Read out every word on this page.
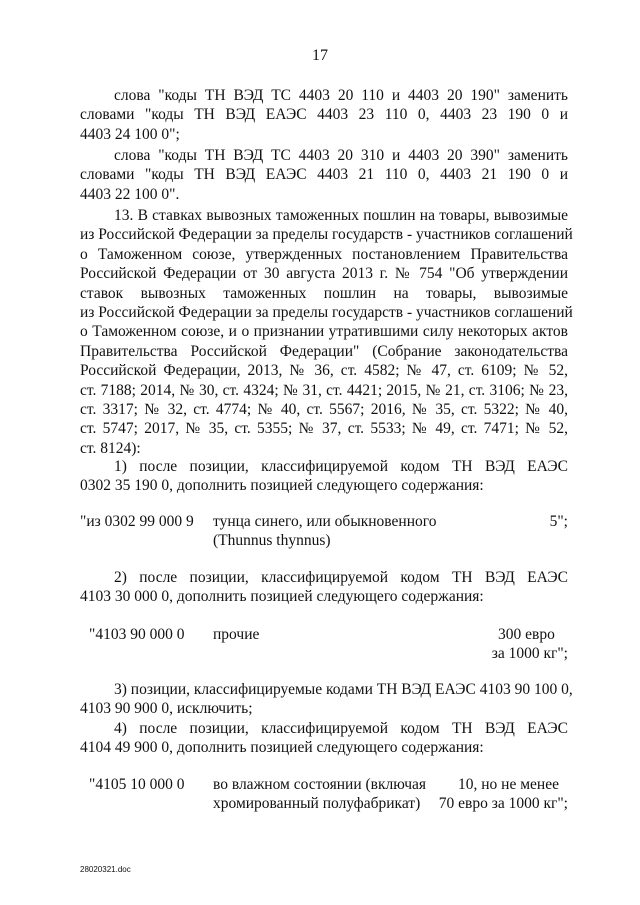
17
слова "коды ТН ВЭД ТС 4403 20 110 и 4403 20 190" заменить
словами "коды ТН ВЭД ЕАЭС 4403 23 110 0, 4403 23 190 0 и
4403 24 100 0";
слова "коды ТН ВЭД ТС 4403 20 310 и 4403 20 390" заменить
словами "коды ТН ВЭД ЕАЭС 4403 21 110 0, 4403 21 190 0 и
4403 22 100 0".
13. В ставках вывозных таможенных пошлин на товары, вывозимые
из Российской Федерации за пределы государств - участников соглашений
о Таможенном союзе, утвержденных постановлением Правительства
Российской Федерации от 30 августа 2013 г. № 754 "Об утверждении
ставок вывозных таможенных пошлин на товары, вывозимые
из Российской Федерации за пределы государств - участников соглашений
о Таможенном союзе, и о признании утратившими силу некоторых актов
Правительства Российской Федерации" (Собрание законодательства
Российской Федерации, 2013, № 36, ст. 4582; № 47, ст. 6109; № 52,
ст. 7188; 2014, № 30, ст. 4324; № 31, ст. 4421; 2015, № 21, ст. 3106; № 23,
ст. 3317; № 32, ст. 4774; № 40, ст. 5567; 2016, № 35, ст. 5322; № 40,
ст. 5747; 2017, № 35, ст. 5355; № 37, ст. 5533; № 49, ст. 7471; № 52,
ст. 8124):
1) после позиции, классифицируемой кодом ТН ВЭД ЕАЭС
0302 35 190 0, дополнить позицией следующего содержания:
"из 0302 99 000 9 тунца синего, или обыкновенного
(Thunnus thynnus)
5";
2) после позиции, классифицируемой кодом ТН ВЭД ЕАЭС
4103 30 000 0, дополнить позицией следующего содержания:
"4103 90 000 0 прочие	300 евро
за 1000 кг";
3) позиции, классифицируемые кодами ТН ВЭД ЕАЭС 4103 90 100 0,
4103 90 900 0, исключить;
4) после позиции, классифицируемой кодом ТН ВЭД ЕАЭС
4104 49 900 0, дополнить позицией следующего содержания:
"4105 10 000 0 во влажном состоянии (включая
хромированный полуфабрикат)
10, но не менее
70 евро за 1000 кг";
28020321.doc
